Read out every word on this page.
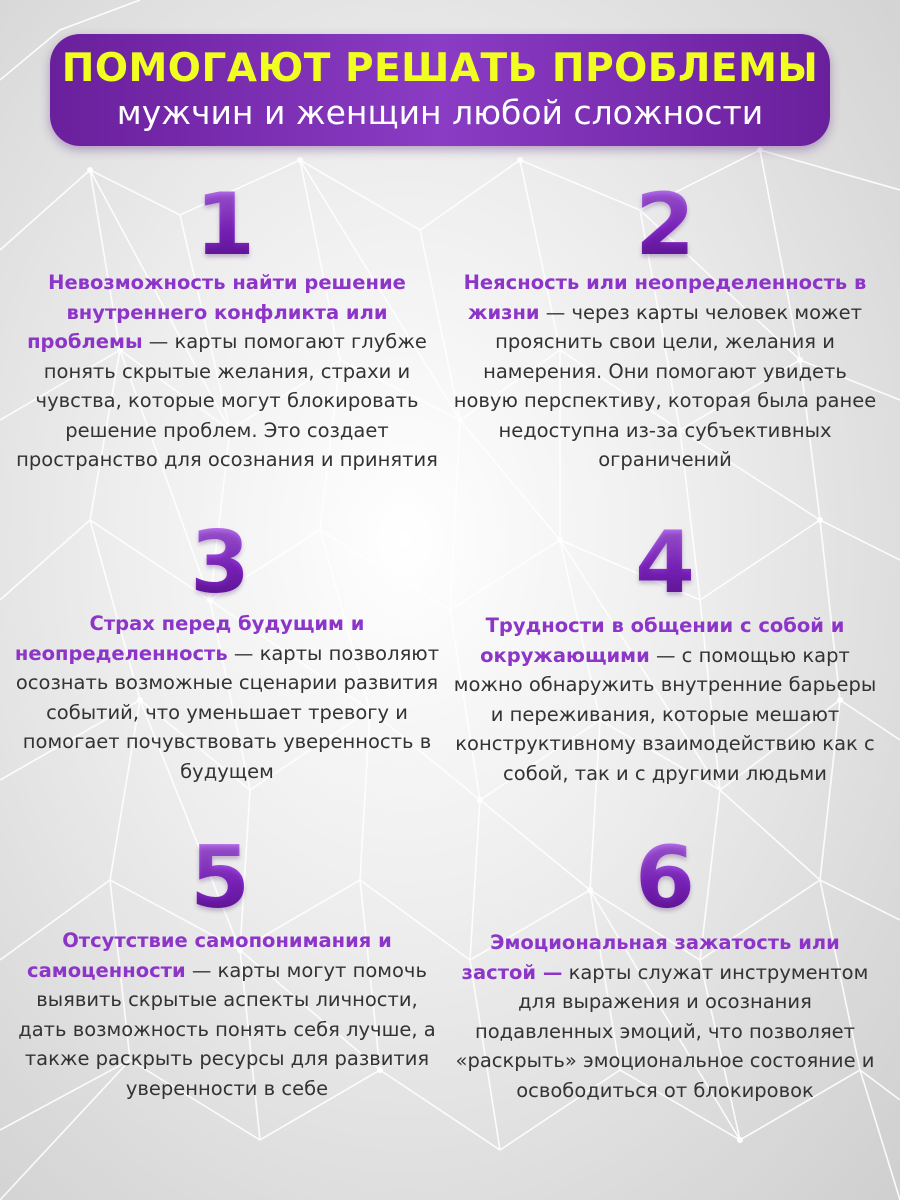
ПОМОГАЮТ РЕШАТЬ ПРОБЛЕМЫ
мужчин и женщин любой сложности
1
Невозможность найти решение внутреннего конфликта или проблемы — карты помогают глубже понять скрытые желания, страхи и чувства, которые могут блокировать решение проблем. Это создает пространство для осознания и принятия
2
Неясность или неопределенность в жизни — через карты человек может прояснить свои цели, желания и намерения. Они помогают увидеть новую перспективу, которая была ранее недоступна из-за субъективных ограничений
3
Страх перед будущим и неопределенность — карты позволяют осознать возможные сценарии развития событий, что уменьшает тревогу и помогает почувствовать уверенность в будущем
4
Трудности в общении с собой и окружающими — с помощью карт можно обнаружить внутренние барьеры и переживания, которые мешают конструктивному взаимодействию как с собой, так и с другими людьми
5
Отсутствие самопонимания и самоценности — карты могут помочь выявить скрытые аспекты личности, дать возможность понять себя лучше, а также раскрыть ресурсы для развития уверенности в себе
6
Эмоциональная зажатость или застой — карты служат инструментом для выражения и осознания подавленных эмоций, что позволяет «раскрыть» эмоциональное состояние и освободиться от блокировок
